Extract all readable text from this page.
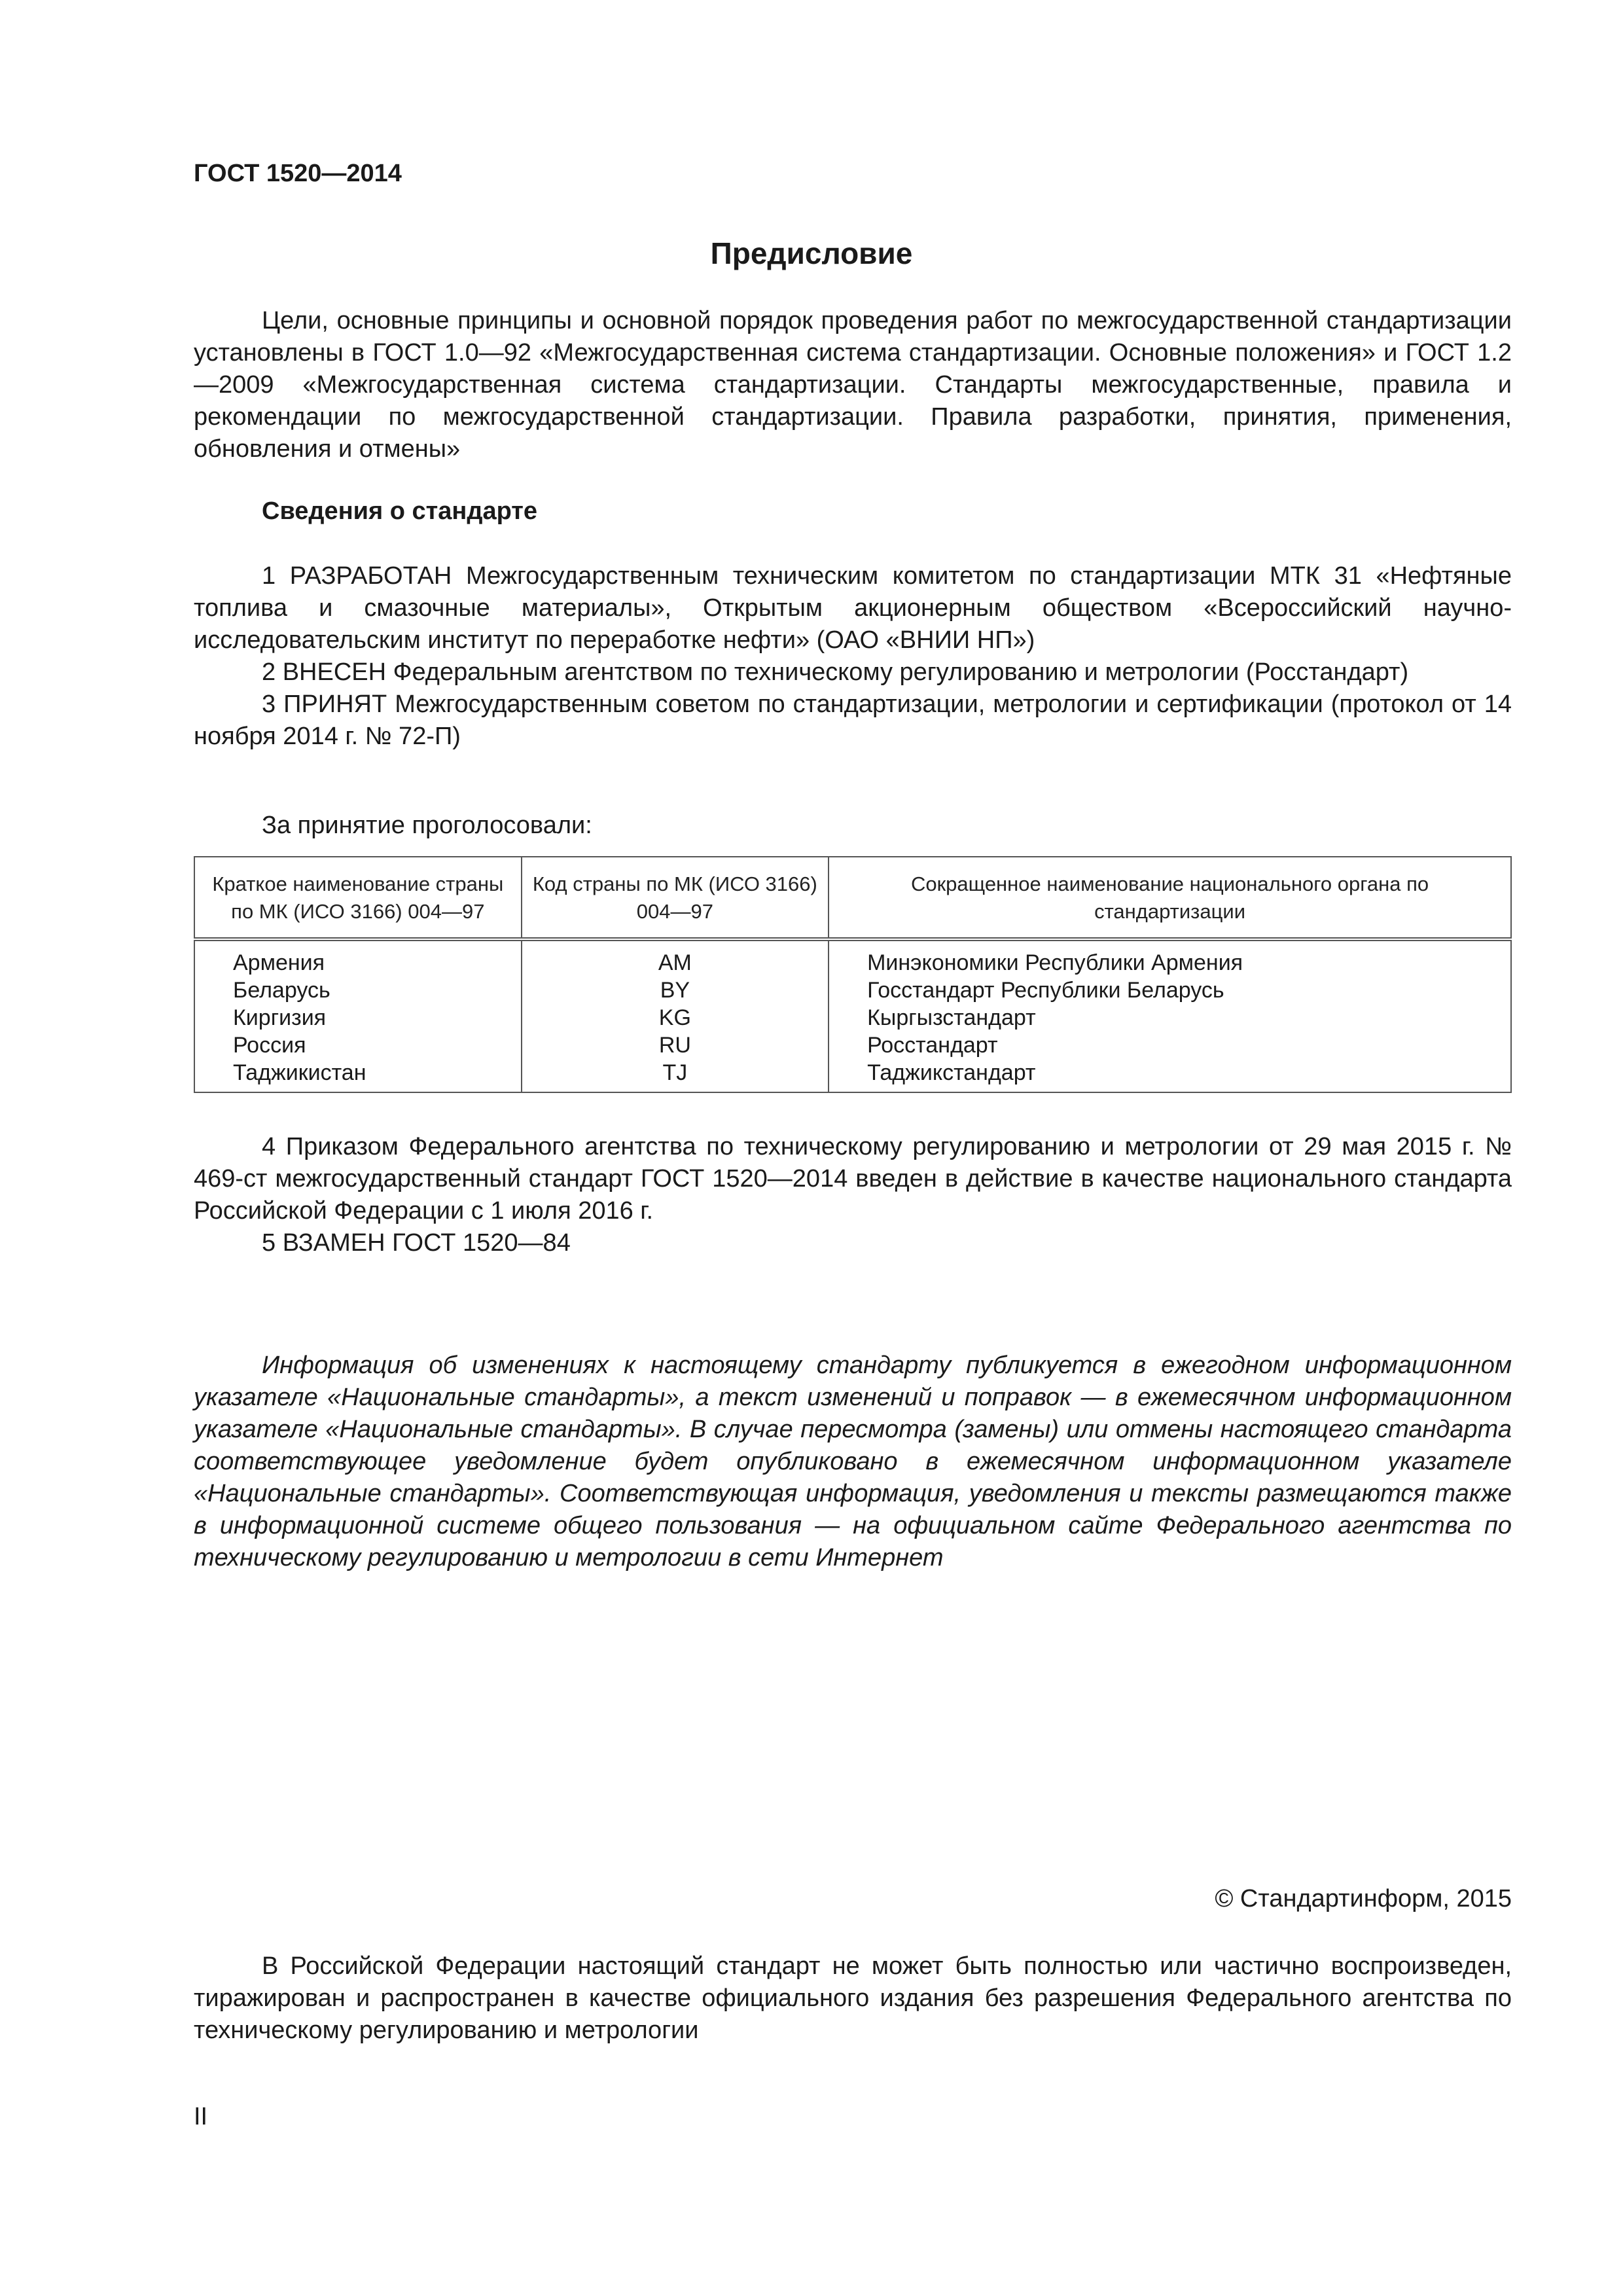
ГОСТ 1520—2014
Предисловие

Цели, основные принципы и основной порядок проведения работ по межгосударственной стандартизации установлены в ГОСТ 1.0—92 «Межгосударственная система стандартизации. Основные положения» и ГОСТ 1.2—2009 «Межгосударственная система стандартизации. Стандарты межгосударственные, правила и рекомендации по межгосударственной стандартизации. Правила разработки, принятия, применения, обновления и отмены»

Сведения о стандарте

1 РАЗРАБОТАН Межгосударственным техническим комитетом по стандартизации МТК 31 «Нефтяные топлива и смазочные материалы», Открытым акционерным обществом «Всероссийский научно-исследовательским институт по переработке нефти» (ОАО «ВНИИ НП»)

2 ВНЕСЕН Федеральным агентством по техническому регулированию и метрологии (Росстандарт)

3 ПРИНЯТ Межгосударственным советом по стандартизации, метрологии и сертификации (протокол от 14 ноября 2014 г. № 72-П)

За принятие проголосовали:
Краткое наименование страны по МК (ИСО 3166) 004—97	Код страны по МК (ИСО 3166) 004—97	Сокращенное наименование национального органа по стандартизации
Армения	AM	Минэкономики Республики Армения
Беларусь	BY	Госстандарт Республики Беларусь
Киргизия	KG	Кыргызстандарт
Россия	RU	Росстандарт
Таджикистан	TJ	Таджикстандарт

4 Приказом Федерального агентства по техническому регулированию и метрологии от 29 мая 2015 г. № 469-ст межгосударственный стандарт ГОСТ 1520—2014 введен в действие в качестве национального стандарта Российской Федерации с 1 июля 2016 г.

5 ВЗАМЕН ГОСТ 1520—84

Информация об изменениях к настоящему стандарту публикуется в ежегодном информационном указателе «Национальные стандарты», а текст изменений и поправок — в ежемесячном информационном указателе «Национальные стандарты». В случае пересмотра (замены) или отмены настоящего стандарта соответствующее уведомление будет опубликовано в ежемесячном информационном указателе «Национальные стандарты». Соответствующая информация, уведомления и тексты размещаются также в информационной системе общего пользования — на официальном сайте Федерального агентства по техническому регулированию и метрологии в сети Интернет
© Стандартинформ, 2015
В Российской Федерации настоящий стандарт не может быть полностью или частично воспроизведен, тиражирован и распространен в качестве официального издания без разрешения Федерального агентства по техническому регулированию и метрологии
II
